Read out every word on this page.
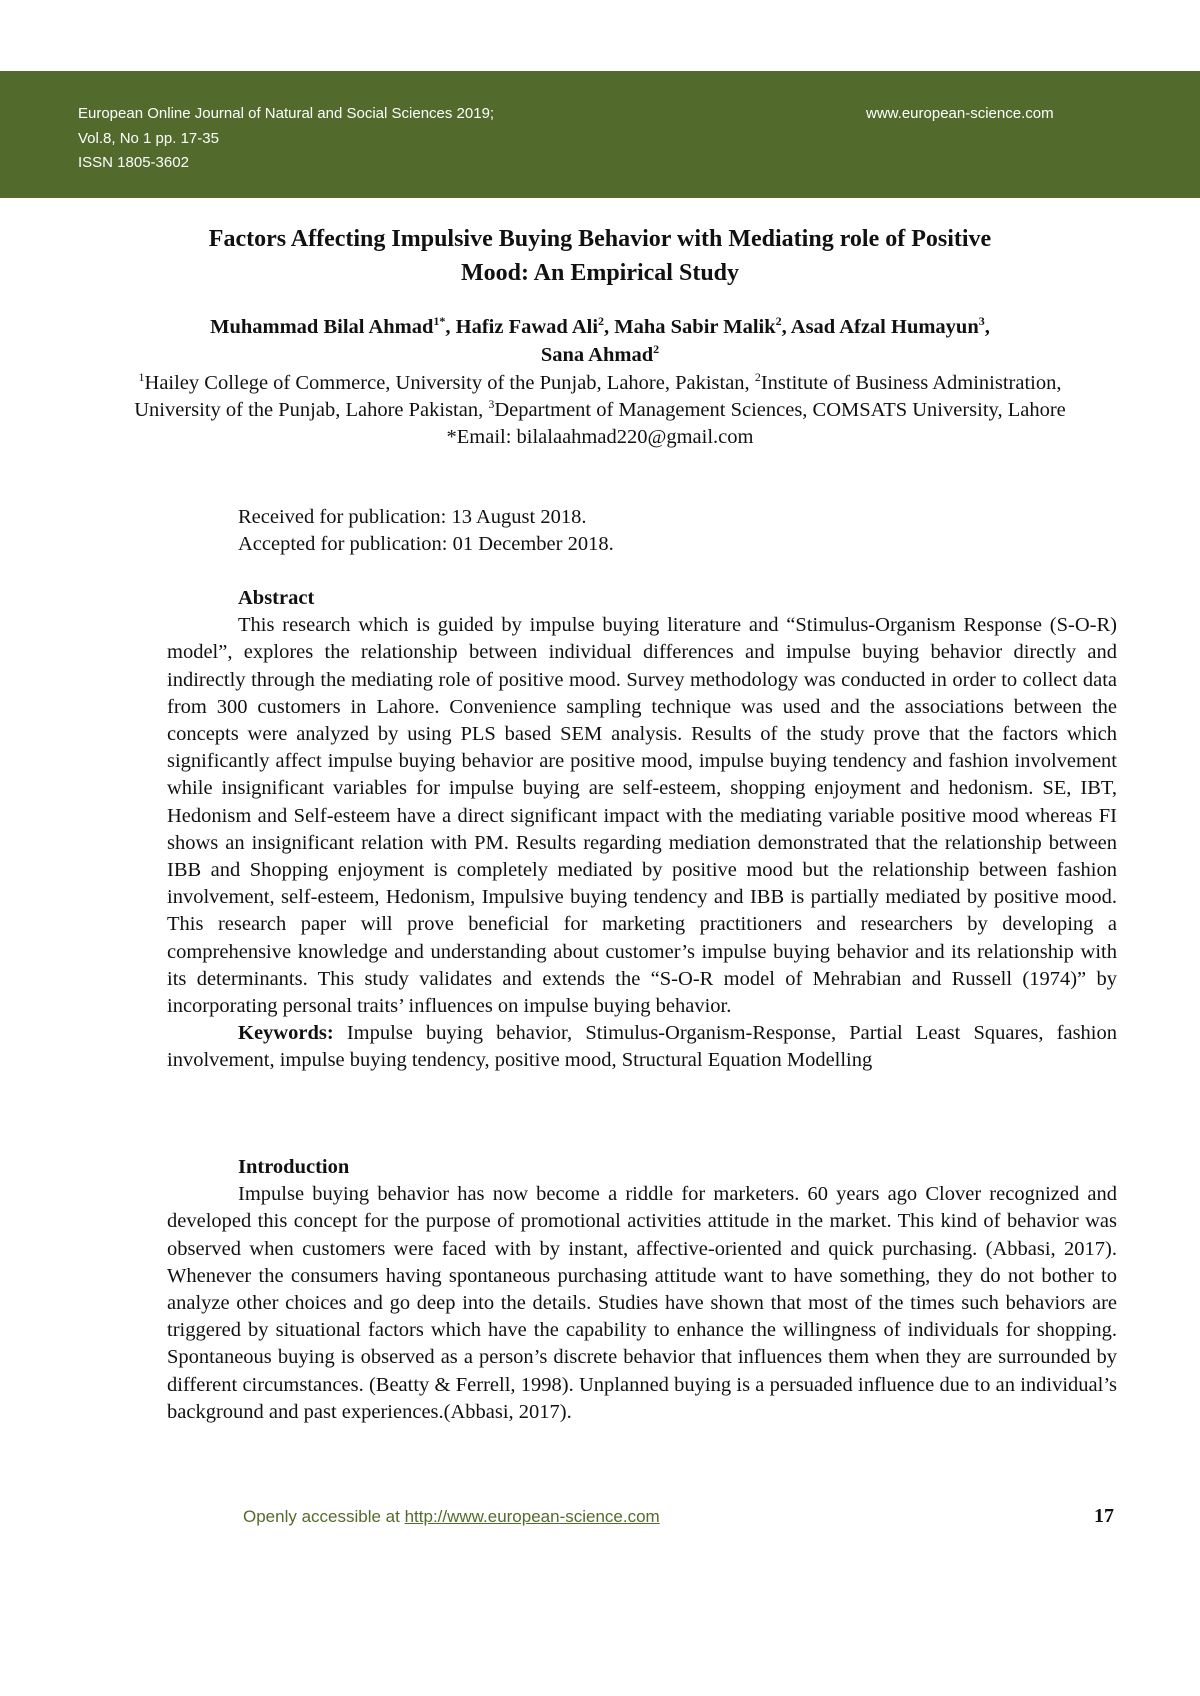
European Online Journal of Natural and Social Sciences 2019;
Vol.8, No 1 pp. 17-35
ISSN 1805-3602
www.european-science.com
Factors Affecting Impulsive Buying Behavior with Mediating role of Positive
Mood: An Empirical Study
Muhammad Bilal Ahmad$^{1*}$, Hafiz Fawad Ali$^2$, Maha Sabir Malik$^2$, Asad Afzal Humayun$^3$,
Sana Ahmad$^2$
$^1$Hailey College of Commerce, University of the Punjab, Lahore, Pakistan, $^2$Institute of Business Administration, University of the Punjab, Lahore Pakistan, $^3$Department of Management Sciences, COMSATS University, Lahore
*Email: bilalaahmad220@gmail.com
Received for publication: 13 August 2018.
Accepted for publication: 01 December 2018.
Abstract

This research which is guided by impulse buying literature and “Stimulus-Organism Response (S-O-R) model”, explores the relationship between individual differences and impulse buying behavior directly and indirectly through the mediating role of positive mood. Survey methodology was conducted in order to collect data from 300 customers in Lahore. Convenience sampling technique was used and the associations between the concepts were analyzed by using PLS based SEM analysis. Results of the study prove that the factors which significantly affect impulse buying behavior are positive mood, impulse buying tendency and fashion involvement while insignificant variables for impulse buying are self-esteem, shopping enjoyment and hedonism. SE, IBT, Hedonism and Self-esteem have a direct significant impact with the mediating variable positive mood whereas FI shows an insignificant relation with PM. Results regarding mediation demonstrated that the relationship between IBB and Shopping enjoyment is completely mediated by positive mood but the relationship between fashion involvement, self-esteem, Hedonism, Impulsive buying tendency and IBB is partially mediated by positive mood. This research paper will prove beneficial for marketing practitioners and researchers by developing a comprehensive knowledge and understanding about customer’s impulse buying behavior and its relationship with its determinants. This study validates and extends the “S-O-R model of Mehrabian and Russell (1974)” by incorporating personal traits’ influences on impulse buying behavior.

Keywords: Impulse buying behavior, Stimulus-Organism-Response, Partial Least Squares, fashion involvement, impulse buying tendency, positive mood, Structural Equation Modelling

Introduction

Impulse buying behavior has now become a riddle for marketers. 60 years ago Clover recognized and developed this concept for the purpose of promotional activities attitude in the market. This kind of behavior was observed when customers were faced with by instant, affective-oriented and quick purchasing. (Abbasi, 2017). Whenever the consumers having spontaneous purchasing attitude want to have something, they do not bother to analyze other choices and go deep into the details. Studies have shown that most of the times such behaviors are triggered by situational factors which have the capability to enhance the willingness of individuals for shopping. Spontaneous buying is observed as a person’s discrete behavior that influences them when they are surrounded by different circumstances. (Beatty & Ferrell, 1998). Unplanned buying is a persuaded influence due to an individual’s background and past experiences.(Abbasi, 2017).

Openly accessible at http://www.european-science.com	17
